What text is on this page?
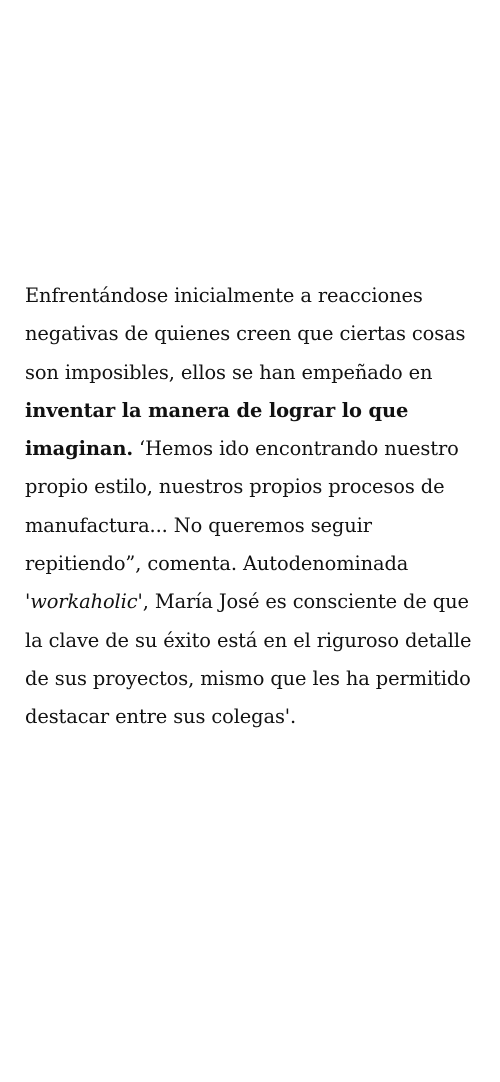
Enfrentándose inicialmente a reacciones negativas de quienes creen que ciertas cosas son imposibles, ellos se han empeñado en inventar la manera de lograr lo que imaginan. ‘Hemos ido encontrando nuestro propio estilo, nuestros propios procesos de manufactura... No queremos seguir repitiendo”, comenta. Autodenominada 'workaholic', María José es consciente de que la clave de su éxito está en el riguroso detalle de sus proyectos, mismo que les ha permitido destacar entre sus colegas'.
